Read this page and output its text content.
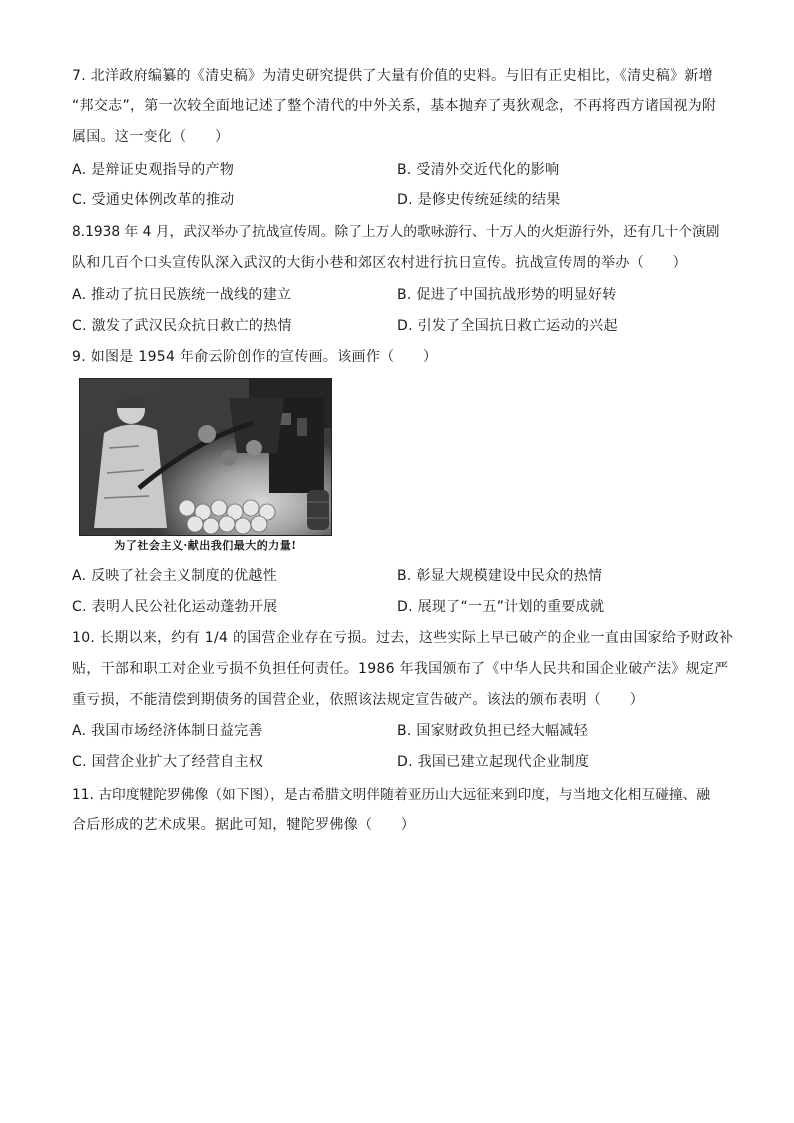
7. 北洋政府编纂的《清史稿》为清史研究提供了大量有价值的史料。与旧有正史相比，《清史稿》新增
“邦交志”，第一次较全面地记述了整个清代的中外关系，基本抛弃了夷狄观念，不再将西方诸国视为附
属国。这一变化（　　）
A. 是辩证史观指导的产物	B. 受清外交近代化的影响
C. 受通史体例改革的推动	D. 是修史传统延续的结果
8.1938 年 4 月，武汉举办了抗战宣传周。除了上万人的歌咏游行、十万人的火炬游行外，还有几十个演剧
队和几百个口头宣传队深入武汉的大街小巷和郊区农村进行抗日宣传。抗战宣传周的举办（　　）
A. 推动了抗日民族统一战线的建立	B. 促进了中国抗战形势的明显好转
C. 激发了武汉民众抗日救亡的热情	D. 引发了全国抗日救亡运动的兴起
9. 如图是 1954 年俞云阶创作的宣传画。该画作（　　）
为了社会主义·献出我们最大的力量!
A. 反映了社会主义制度的优越性	B. 彰显大规模建设中民众的热情
C. 表明人民公社化运动蓬勃开展	D. 展现了“一五”计划的重要成就
10. 长期以来，约有 1/4 的国营企业存在亏损。过去，这些实际上早已破产的企业一直由国家给予财政补
贴，干部和职工对企业亏损不负担任何责任。1986 年我国颁布了《中华人民共和国企业破产法》规定严
重亏损，不能清偿到期债务的国营企业，依照该法规定宣告破产。该法的颁布表明（　　）
A. 我国市场经济体制日益完善	B. 国家财政负担已经大幅减轻
C. 国营企业扩大了经营自主权	D. 我国已建立起现代企业制度
11. 古印度犍陀罗佛像（如下图），是古希腊文明伴随着亚历山大远征来到印度，与当地文化相互碰撞、融
合后形成的艺术成果。据此可知，犍陀罗佛像（　　）
